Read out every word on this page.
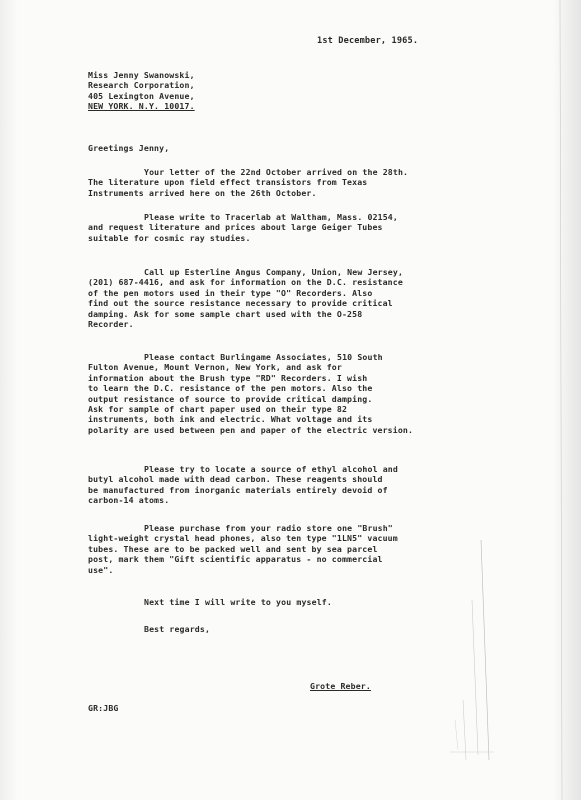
1st December, 1965.
Miss Jenny Swanowski,
Research Corporation,
405 Lexington Avenue,
NEW YORK. N.Y. 10017.
Greetings Jenny,
Your letter of the 22nd October arrived on the 28th.
The literature upon field effect transistors from Texas
Instruments arrived here on the 26th October.
Please write to Tracerlab at Waltham, Mass. 02154,
and request literature and prices about large Geiger Tubes
suitable for cosmic ray studies.
Call up Esterline Angus Company, Union, New Jersey,
(201) 687-4416, and ask for information on the D.C. resistance
of the pen motors used in their type "O" Recorders. Also
find out the source resistance necessary to provide critical
damping. Ask for some sample chart used with the O-258
Recorder.
Please contact Burlingame Associates, 510 South
Fulton Avenue, Mount Vernon, New York, and ask for
information about the Brush type "RD" Recorders. I wish
to learn the D.C. resistance of the pen motors. Also the
output resistance of source to provide critical damping.
Ask for sample of chart paper used on their type 82
instruments, both ink and electric. What voltage and its
polarity are used between pen and paper of the electric version.
Please try to locate a source of ethyl alcohol and
butyl alcohol made with dead carbon. These reagents should
be manufactured from inorganic materials entirely devoid of
carbon-14 atoms.
Please purchase from your radio store one "Brush"
light-weight crystal head phones, also ten type "1LN5" vacuum
tubes. These are to be packed well and sent by sea parcel
post, mark them "Gift scientific apparatus - no commercial
use".
Next time I will write to you myself.
Best regards,
Grote Reber.
GR:JBG
